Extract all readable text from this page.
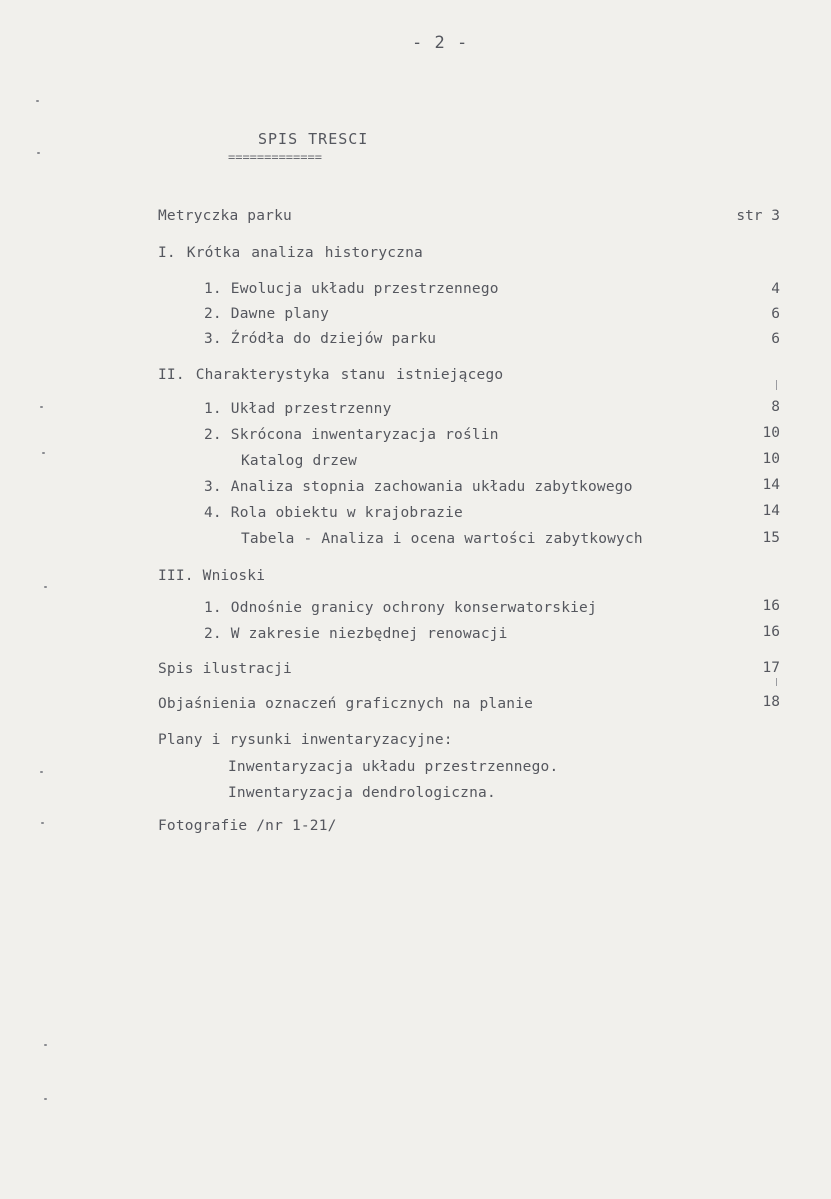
- 2 -
SPIS TRESCI
=============
Metryczka parku	str 3
I. Krótka analiza historyczna
1. Ewolucja układu przestrzennego	4
2. Dawne plany	6
3. Źródła do dziejów parku	6
II. Charakterystyka stanu istniejącego
1. Układ przestrzenny	8
2. Skrócona inwentaryzacja roślin	10
Katalog drzew	10
3. Analiza stopnia zachowania układu zabytkowego	14
4. Rola obiektu w krajobrazie	14
Tabela - Analiza i ocena wartości zabytkowych	15
III. Wnioski
1. Odnośnie granicy ochrony konserwatorskiej	16
2. W zakresie niezbędnej renowacji	16
Spis ilustracji	17
Objaśnienia oznaczeń graficznych na planie	18
Plany i rysunki inwentaryzacyjne:
Inwentaryzacja układu przestrzennego.
Inwentaryzacja dendrologiczna.
Fotografie /nr 1-21/
